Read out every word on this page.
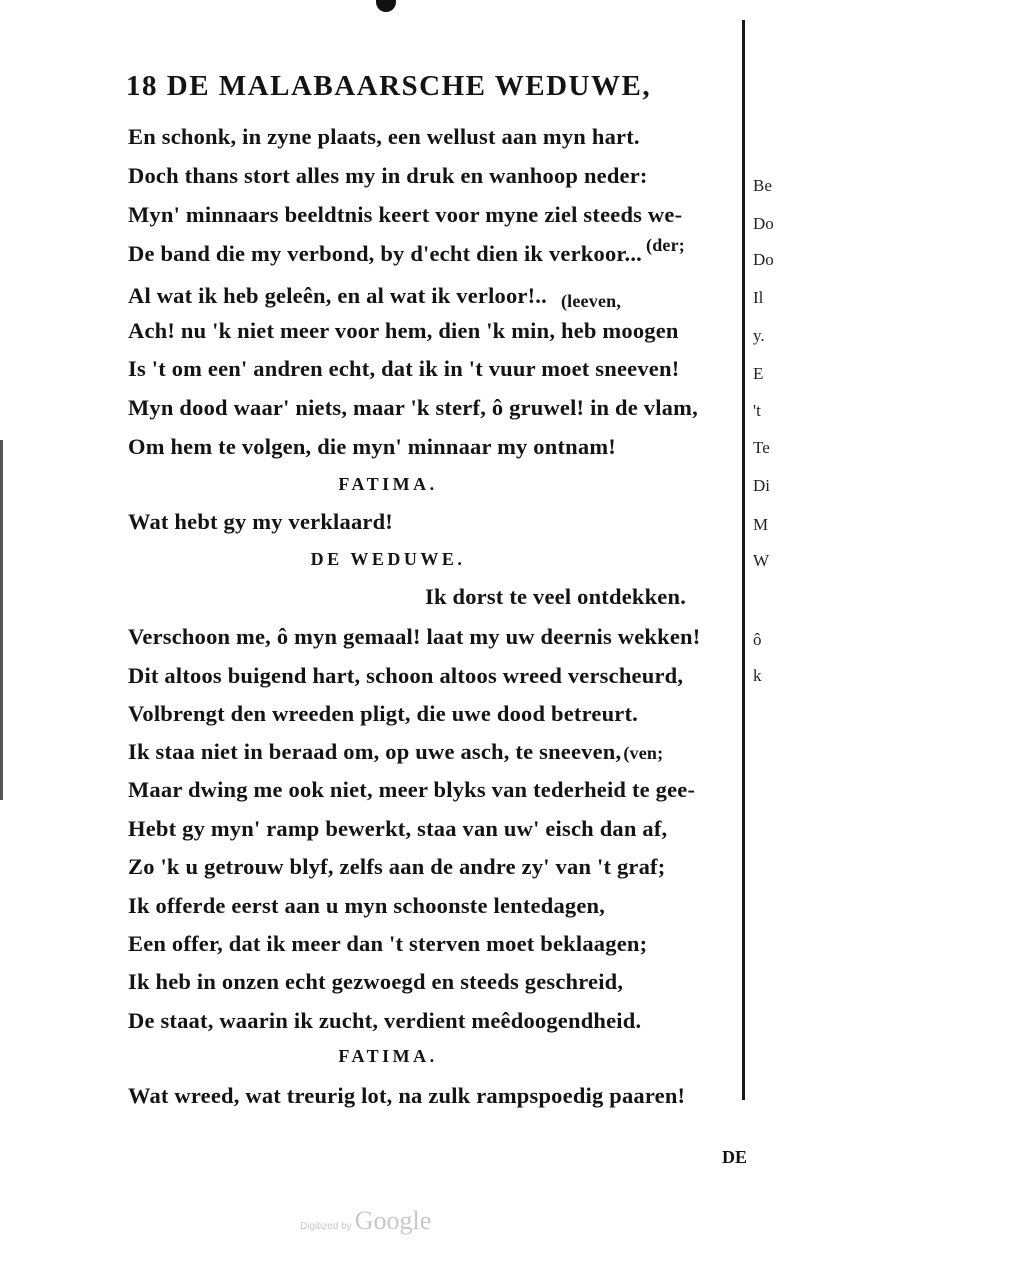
18 DE MALABAARSCHE WEDUWE,
En schonk, in zyne plaats, een wellust aan myn hart.
Doch thans stort alles my in druk en wanhoop neder:
Myn' minnaars beeldtnis keert voor myne ziel steeds we-
De band die my verbond, by d'echt dien ik verkoor... $^{(der;}$
Al wat ik heb geleên, en al wat ik verloor!.. (leeven,
Ach! nu 'k niet meer voor hem, dien 'k min, heb moogen
Is 't om een' andren echt, dat ik in 't vuur moet sneeven!
Myn dood waar' niets, maar 'k sterf, ô gruwel! in de vlam,
Om hem te volgen, die myn' minnaar my ontnam!
FATIMA.
Wat hebt gy my verklaard!
DE WEDUWE.
Ik dorst te veel ontdekken.
Verschoon me, ô myn gemaal! laat my uw deernis wekken!
Dit altoos buigend hart, schoon altoos wreed verscheurd,
Volbrengt den wreeden pligt, die uwe dood betreurt.
Ik staa niet in beraad om, op uwe asch, te sneeven, (ven;
Maar dwing me ook niet, meer blyks van tederheid te gee-
Hebt gy myn' ramp bewerkt, staa van uw' eisch dan af,
Zo 'k u getrouw blyf, zelfs aan de andre zy' van 't graf;
Ik offerde eerst aan u myn schoonste lentedagen,
Een offer, dat ik meer dan 't sterven moet beklaagen;
Ik heb in onzen echt gezwoegd en steeds geschreid,
De staat, waarin ik zucht, verdient meêdoogendheid.
FATIMA.
Wat wreed, wat treurig lot, na zulk rampspoedig paaren!
DE
Be
Do
Do
Il
y.
E
't
Te
Di
M
W
ô
k
Digitized by Google
